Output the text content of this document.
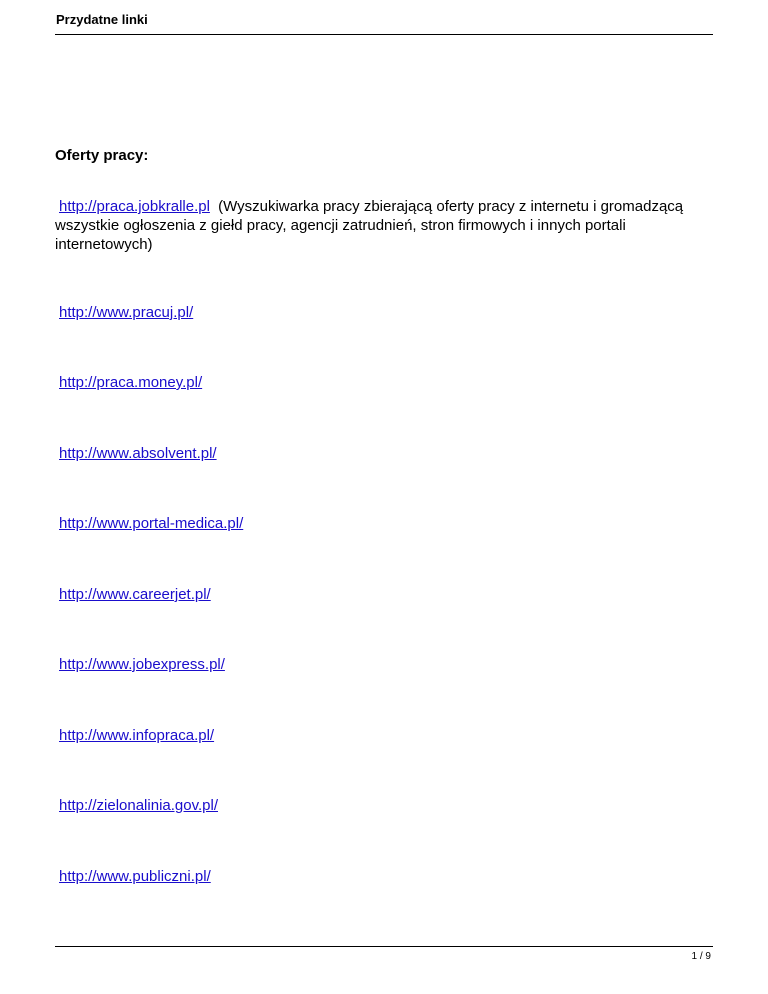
Przydatne linki
Oferty pracy:
http://praca.jobkralle.pl (Wyszukiwarka pracy zbierającą oferty pracy z internetu i gromadzącą wszystkie ogłoszenia z giełd pracy, agencji zatrudnień, stron firmowych i innych portali internetowych)
http://www.pracuj.pl/
http://praca.money.pl/
http://www.absolvent.pl/
http://www.portal-medica.pl/
http://www.careerjet.pl/
http://www.jobexpress.pl/
http://www.infopraca.pl/
http://zielonalinia.gov.pl/
http://www.publiczni.pl/
1 / 9
